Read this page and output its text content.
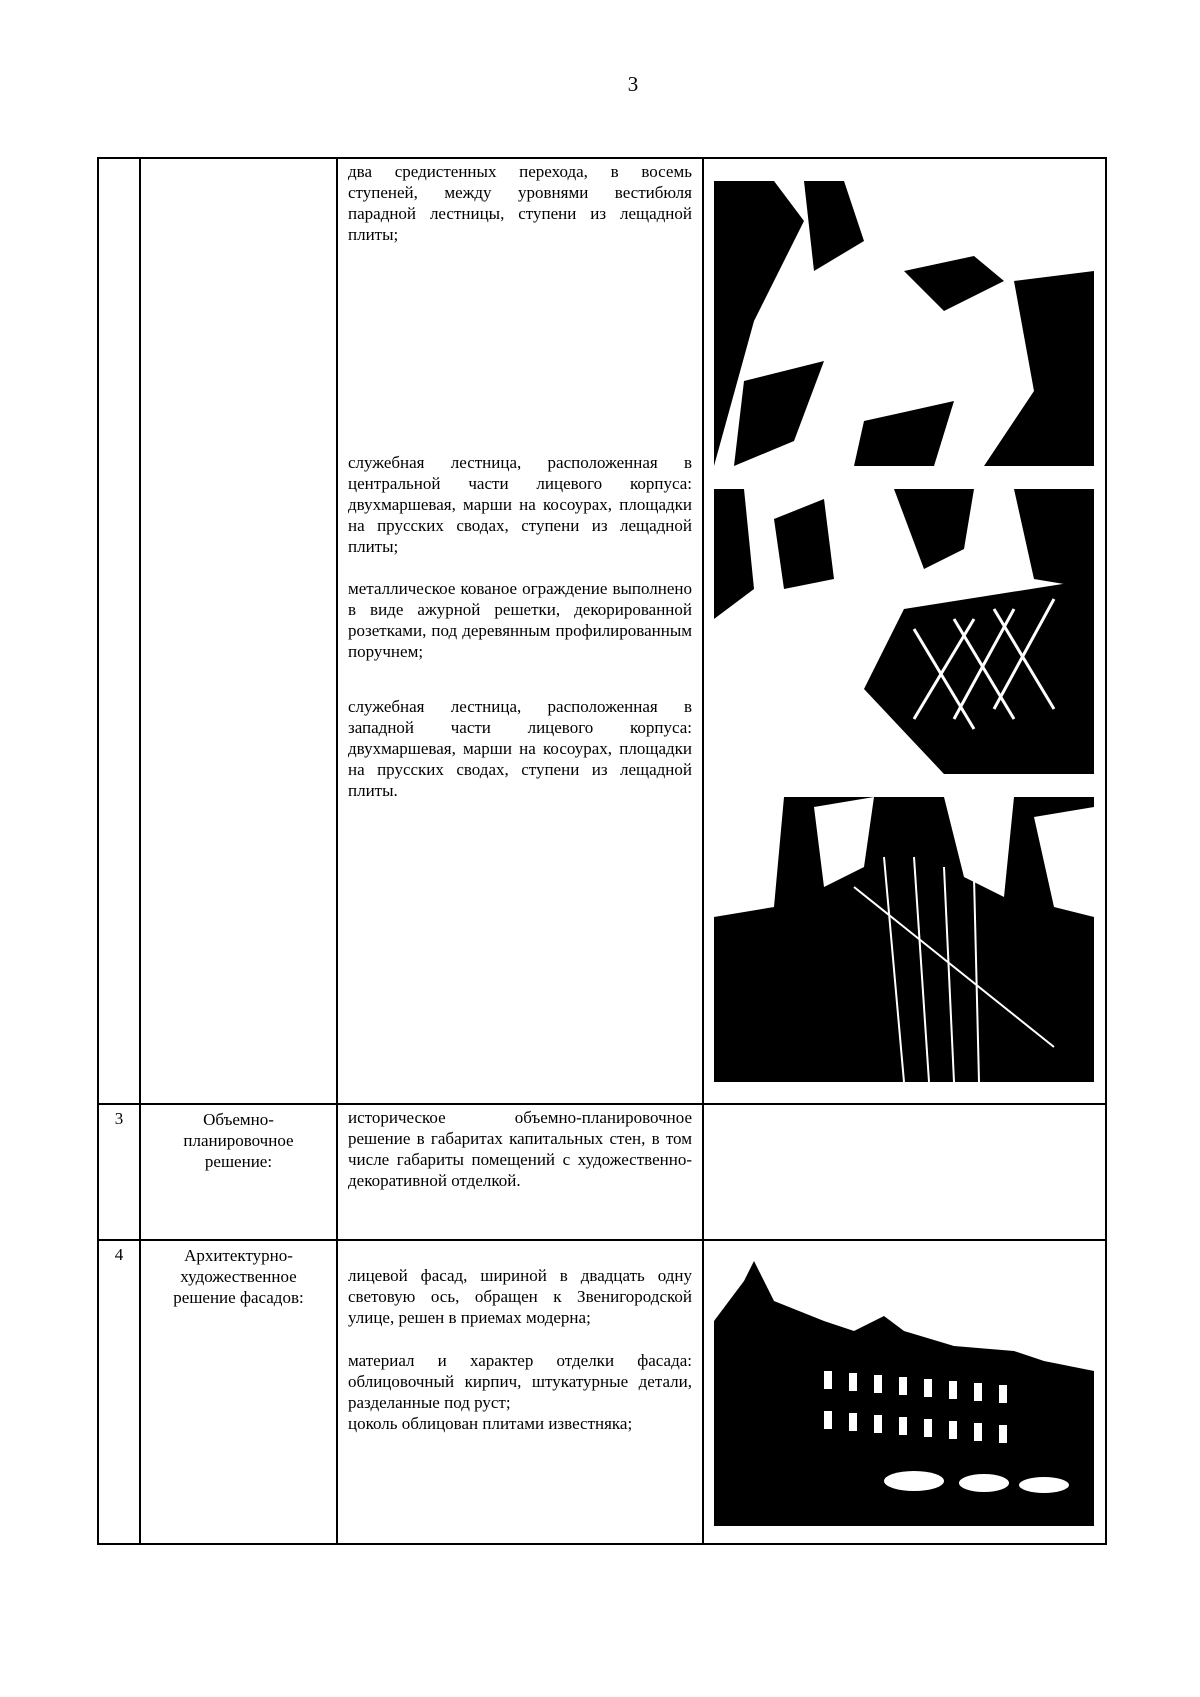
3

		два средистенных перехода, в восемь ступеней, между уровнями вестибюля парадной лестницы, ступени из лещадной плиты;

служебная лестница, расположенная в центральной части лицевого корпуса: двухмаршевая, марши на косоурах, площадки на прусских сводах, ступени из лещадной плиты;

металлическое кованое ограждение выполнено в виде ажурной решетки, декорированной розетками, под деревянным профилированным поручнем;

служебная лестница, расположенная в западной части лицевого корпуса: двухмаршевая, марши на косоурах, площадки на прусских сводах, ступени из лещадной плиты.

3	Объемно-планировочное решение:	историческое объемно-планировочное решение в габаритах капитальных стен, в том числе габариты помещений с художественно-декоративной отделкой.	

4	Архитектурно-художественное решение фасадов:	лицевой фасад, шириной в двадцать одну световую ось, обращен к Звенигородской улице, решен в приемах модерна;

материал и характер отделки фасада: облицовочный кирпич, штукатурные детали, разделанные под руст;

цоколь облицован плитами известняка;
